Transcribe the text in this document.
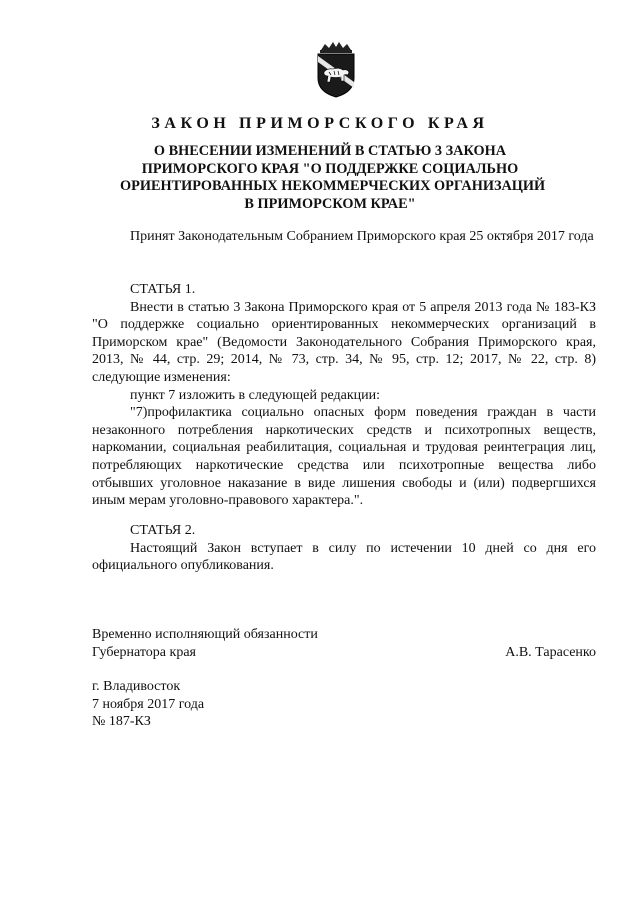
ЗАКОН ПРИМОРСКОГО КРАЯ
О ВНЕСЕНИИ ИЗМЕНЕНИЙ В СТАТЬЮ 3 ЗАКОНА
ПРИМОРСКОГО КРАЯ "О ПОДДЕРЖКЕ СОЦИАЛЬНО
ОРИЕНТИРОВАННЫХ НЕКОММЕРЧЕСКИХ ОРГАНИЗАЦИЙ
В ПРИМОРСКОМ КРАЕ"

Принят Законодательным Собранием Приморского края 25 октября 2017 года

СТАТЬЯ 1.

Внести в статью 3 Закона Приморского края от 5 апреля 2013 года № 183-КЗ "О поддержке социально ориентированных некоммерческих организаций в Приморском крае" (Ведомости Законодательного Собрания Приморского края, 2013, № 44, стр. 29; 2014, № 73, стр. 34, № 95, стр. 12; 2017, № 22, стр. 8) следующие изменения:

пункт 7 изложить в следующей редакции:

"7)профилактика социально опасных форм поведения граждан в части незаконного потребления наркотических средств и психотропных веществ, наркомании, социальная реабилитация, социальная и трудовая реинтеграция лиц, потребляющих наркотические средства или психотропные вещества либо отбывших уголовное наказание в виде лишения свободы и (или) подвергшихся иным мерам уголовно-правового характера.".

СТАТЬЯ 2.

Настоящий Закон вступает в силу по истечении 10 дней со дня его официального опубликования.

Временно исполняющий обязанности
Губернатора края	А.В. Тарасенко
г. Владивосток
7 ноября 2017 года
№ 187-КЗ
